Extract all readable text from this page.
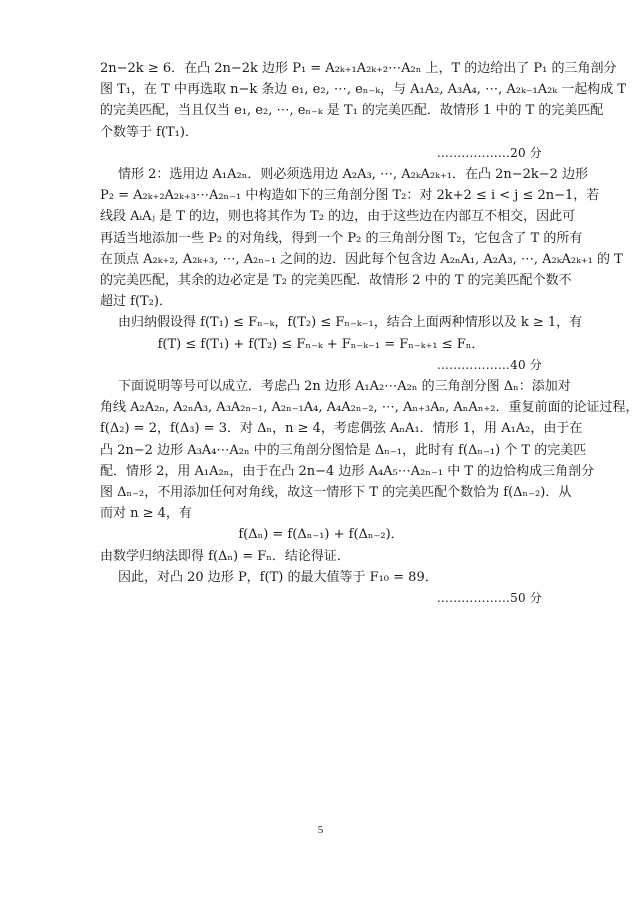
2n−2k ≥ 6．在凸 2n−2k 边形 P₁ = A₂ₖ₊₁A₂ₖ₊₂⋯A₂ₙ 上，T 的边给出了 P₁ 的三角剖分
图 T₁，在 T 中再选取 n−k 条边 e₁, e₂, ⋯, eₙ₋ₖ，与 A₁A₂, A₃A₄, ⋯, A₂ₖ₋₁A₂ₖ 一起构成 T
的完美匹配，当且仅当 e₁, e₂, ⋯, eₙ₋ₖ 是 T₁ 的完美匹配．故情形 1 中的 T 的完美匹配
个数等于 f(T₁)．
………………20 分
情形 2：选用边 A₁A₂ₙ．则必须选用边 A₂A₃, ⋯, A₂ₖA₂ₖ₊₁．在凸 2n−2k−2 边形
P₂ = A₂ₖ₊₂A₂ₖ₊₃⋯A₂ₙ₋₁ 中构造如下的三角剖分图 T₂：对 2k+2 ≤ i < j ≤ 2n−1，若
线段 AᵢAⱼ 是 T 的边，则也将其作为 T₂ 的边，由于这些边在内部互不相交，因此可
再适当地添加一些 P₂ 的对角线，得到一个 P₂ 的三角剖分图 T₂，它包含了 T 的所有
在顶点 A₂ₖ₊₂, A₂ₖ₊₃, ⋯, A₂ₙ₋₁ 之间的边．因此每个包含边 A₂ₙA₁, A₂A₃, ⋯, A₂ₖA₂ₖ₊₁ 的 T
的完美匹配，其余的边必定是 T₂ 的完美匹配．故情形 2 中的 T 的完美匹配个数不
超过 f(T₂)．
由归纳假设得 f(T₁) ≤ Fₙ₋ₖ，f(T₂) ≤ Fₙ₋ₖ₋₁，结合上面两种情形以及 k ≥ 1，有
f(T) ≤ f(T₁) + f(T₂) ≤ Fₙ₋ₖ + Fₙ₋ₖ₋₁ = Fₙ₋ₖ₊₁ ≤ Fₙ．
………………40 分
下面说明等号可以成立．考虑凸 2n 边形 A₁A₂⋯A₂ₙ 的三角剖分图 Δₙ：添加对
角线 A₂A₂ₙ, A₂ₙA₃, A₃A₂ₙ₋₁, A₂ₙ₋₁A₄, A₄A₂ₙ₋₂, ⋯, Aₙ₊₃Aₙ, AₙAₙ₊₂．重复前面的论证过程，
f(Δ₂) = 2，f(Δ₃) = 3．对 Δₙ，n ≥ 4，考虑偶弦 AₙA₁．情形 1，用 A₁A₂，由于在
凸 2n−2 边形 A₃A₄⋯A₂ₙ 中的三角剖分图恰是 Δₙ₋₁，此时有 f(Δₙ₋₁) 个 T 的完美匹
配．情形 2，用 A₁A₂ₙ，由于在凸 2n−4 边形 A₄A₅⋯A₂ₙ₋₁ 中 T 的边恰构成三角剖分
图 Δₙ₋₂，不用添加任何对角线，故这一情形下 T 的完美匹配个数恰为 f(Δₙ₋₂)．从
而对 n ≥ 4，有
f(Δₙ) = f(Δₙ₋₁) + f(Δₙ₋₂)．
由数学归纳法即得 f(Δₙ) = Fₙ．结论得证．
因此，对凸 20 边形 P，f(T) 的最大值等于 F₁₀ = 89．
………………50 分
5
